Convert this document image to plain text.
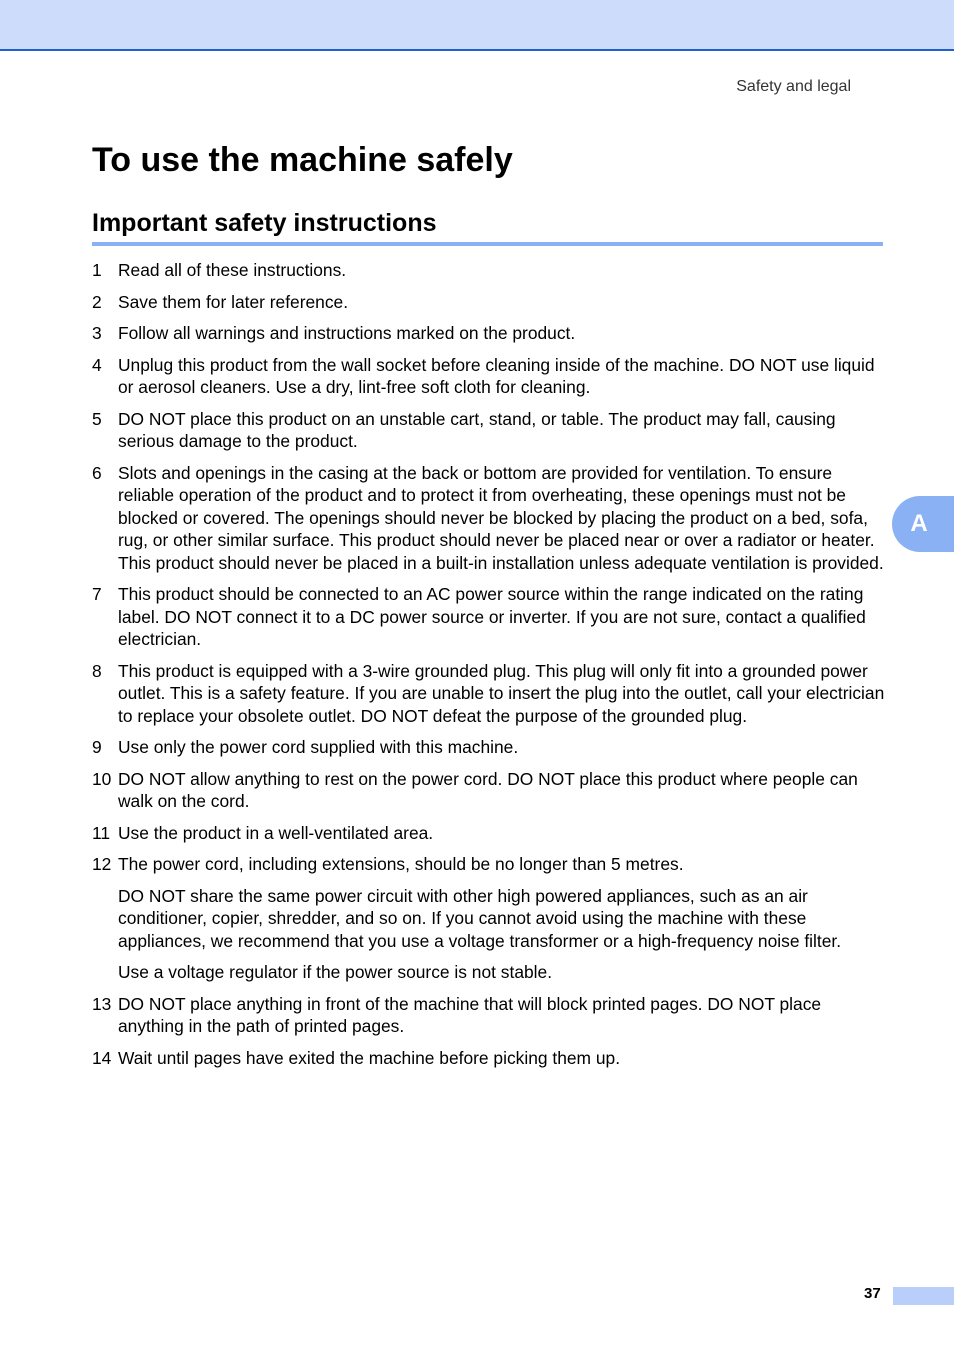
Safety and legal
To use the machine safely
Important safety instructions
1 Read all of these instructions.
2 Save them for later reference.
3 Follow all warnings and instructions marked on the product.
4 Unplug this product from the wall socket before cleaning inside of the machine. DO NOT use liquid or aerosol cleaners. Use a dry, lint-free soft cloth for cleaning.
5 DO NOT place this product on an unstable cart, stand, or table. The product may fall, causing serious damage to the product.
6 Slots and openings in the casing at the back or bottom are provided for ventilation. To ensure reliable operation of the product and to protect it from overheating, these openings must not be blocked or covered. The openings should never be blocked by placing the product on a bed, sofa, rug, or other similar surface. This product should never be placed near or over a radiator or heater. This product should never be placed in a built-in installation unless adequate ventilation is provided.
7 This product should be connected to an AC power source within the range indicated on the rating label. DO NOT connect it to a DC power source or inverter. If you are not sure, contact a qualified electrician.
8 This product is equipped with a 3-wire grounded plug. This plug will only fit into a grounded power outlet. This is a safety feature. If you are unable to insert the plug into the outlet, call your electrician to replace your obsolete outlet. DO NOT defeat the purpose of the grounded plug.
9 Use only the power cord supplied with this machine.
10 DO NOT allow anything to rest on the power cord. DO NOT place this product where people can walk on the cord.
11 Use the product in a well-ventilated area.
12 The power cord, including extensions, should be no longer than 5 metres.
DO NOT share the same power circuit with other high powered appliances, such as an air conditioner, copier, shredder, and so on. If you cannot avoid using the machine with these appliances, we recommend that you use a voltage transformer or a high-frequency noise filter.
Use a voltage regulator if the power source is not stable.
13 DO NOT place anything in front of the machine that will block printed pages. DO NOT place anything in the path of printed pages.
14 Wait until pages have exited the machine before picking them up.
A
37
